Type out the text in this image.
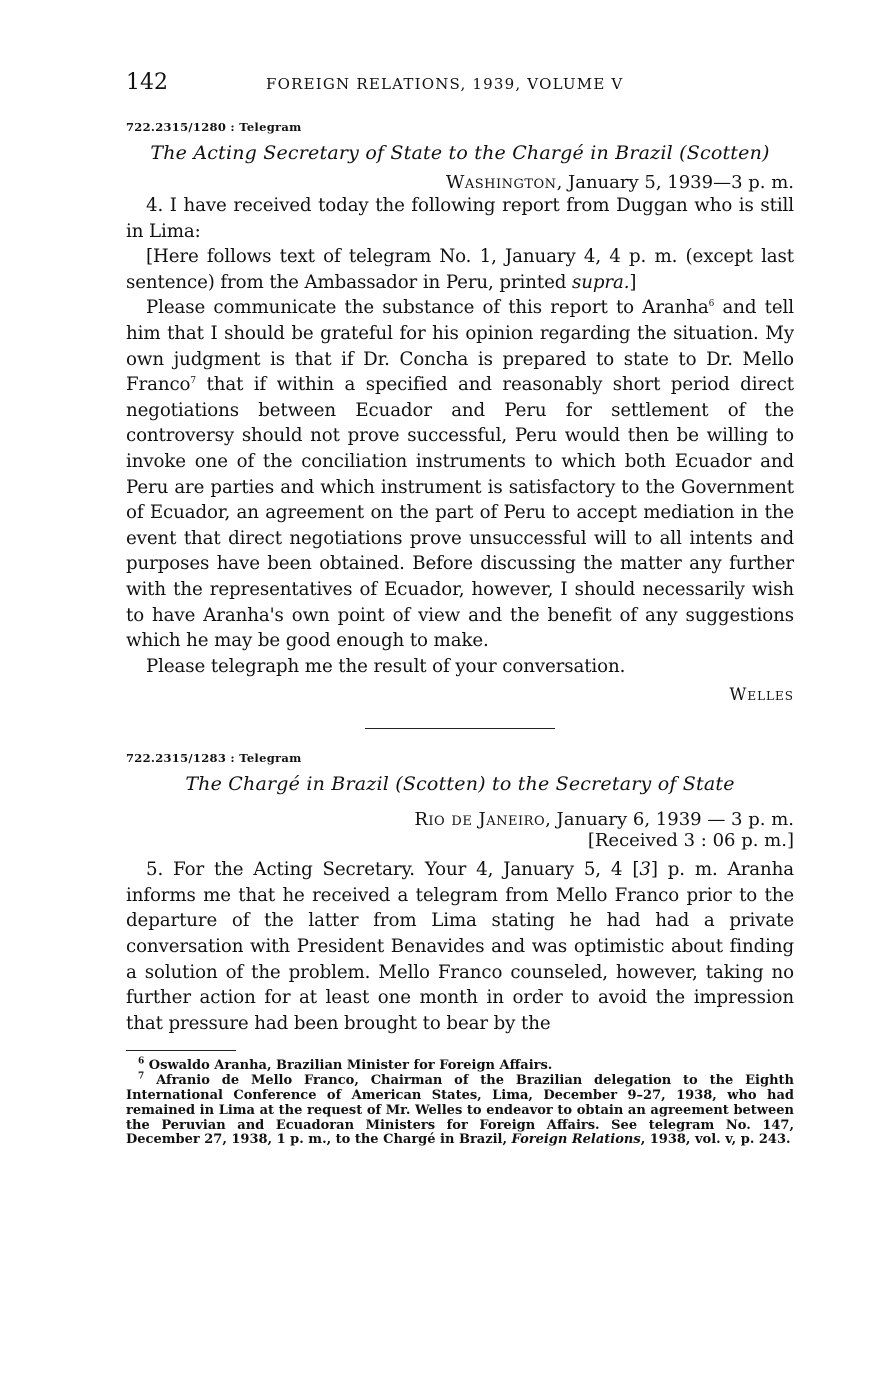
142	FOREIGN RELATIONS, 1939, VOLUME V
722.2315/1280 : Telegram
The Acting Secretary of State to the Chargé in Brazil (Scotten)
Washington, January 5, 1939—3 p. m.

4. I have received today the following report from Duggan who is still in Lima:

[Here follows text of telegram No. 1, January 4, 4 p. m. (except last sentence) from the Ambassador in Peru, printed supra.]

Please communicate the substance of this report to Aranha$^6$ and tell him that I should be grateful for his opinion regarding the situation. My own judgment is that if Dr. Concha is prepared to state to Dr. Mello Franco$^7$ that if within a specified and reasonably short period direct negotiations between Ecuador and Peru for settlement of the controversy should not prove successful, Peru would then be willing to invoke one of the conciliation instruments to which both Ecuador and Peru are parties and which instrument is satisfactory to the Government of Ecuador, an agreement on the part of Peru to accept mediation in the event that direct negotiations prove unsuccessful will to all intents and purposes have been obtained. Before discussing the matter any further with the representatives of Ecuador, however, I should necessarily wish to have Aranha's own point of view and the benefit of any suggestions which he may be good enough to make.

Please telegraph me the result of your conversation.

Welles
722.2315/1283 : Telegram
The Chargé in Brazil (Scotten) to the Secretary of State
Rio de Janeiro, January 6, 1939 — 3 p. m.
[Received 3 : 06 p. m.]

5. For the Acting Secretary. Your 4, January 5, 4 [3] p. m. Aranha informs me that he received a telegram from Mello Franco prior to the departure of the latter from Lima stating he had had a private conversation with President Benavides and was optimistic about finding a solution of the problem. Mello Franco counseled, however, taking no further action for at least one month in order to avoid the impression that pressure had been brought to bear by the

$^6$ Oswaldo Aranha, Brazilian Minister for Foreign Affairs.

$^7$ Afranio de Mello Franco, Chairman of the Brazilian delegation to the Eighth International Conference of American States, Lima, December 9–27, 1938, who had remained in Lima at the request of Mr. Welles to endeavor to obtain an agreement between the Peruvian and Ecuadoran Ministers for Foreign Affairs. See telegram No. 147, December 27, 1938, 1 p. m., to the Chargé in Brazil, Foreign Relations, 1938, vol. v, p. 243.
